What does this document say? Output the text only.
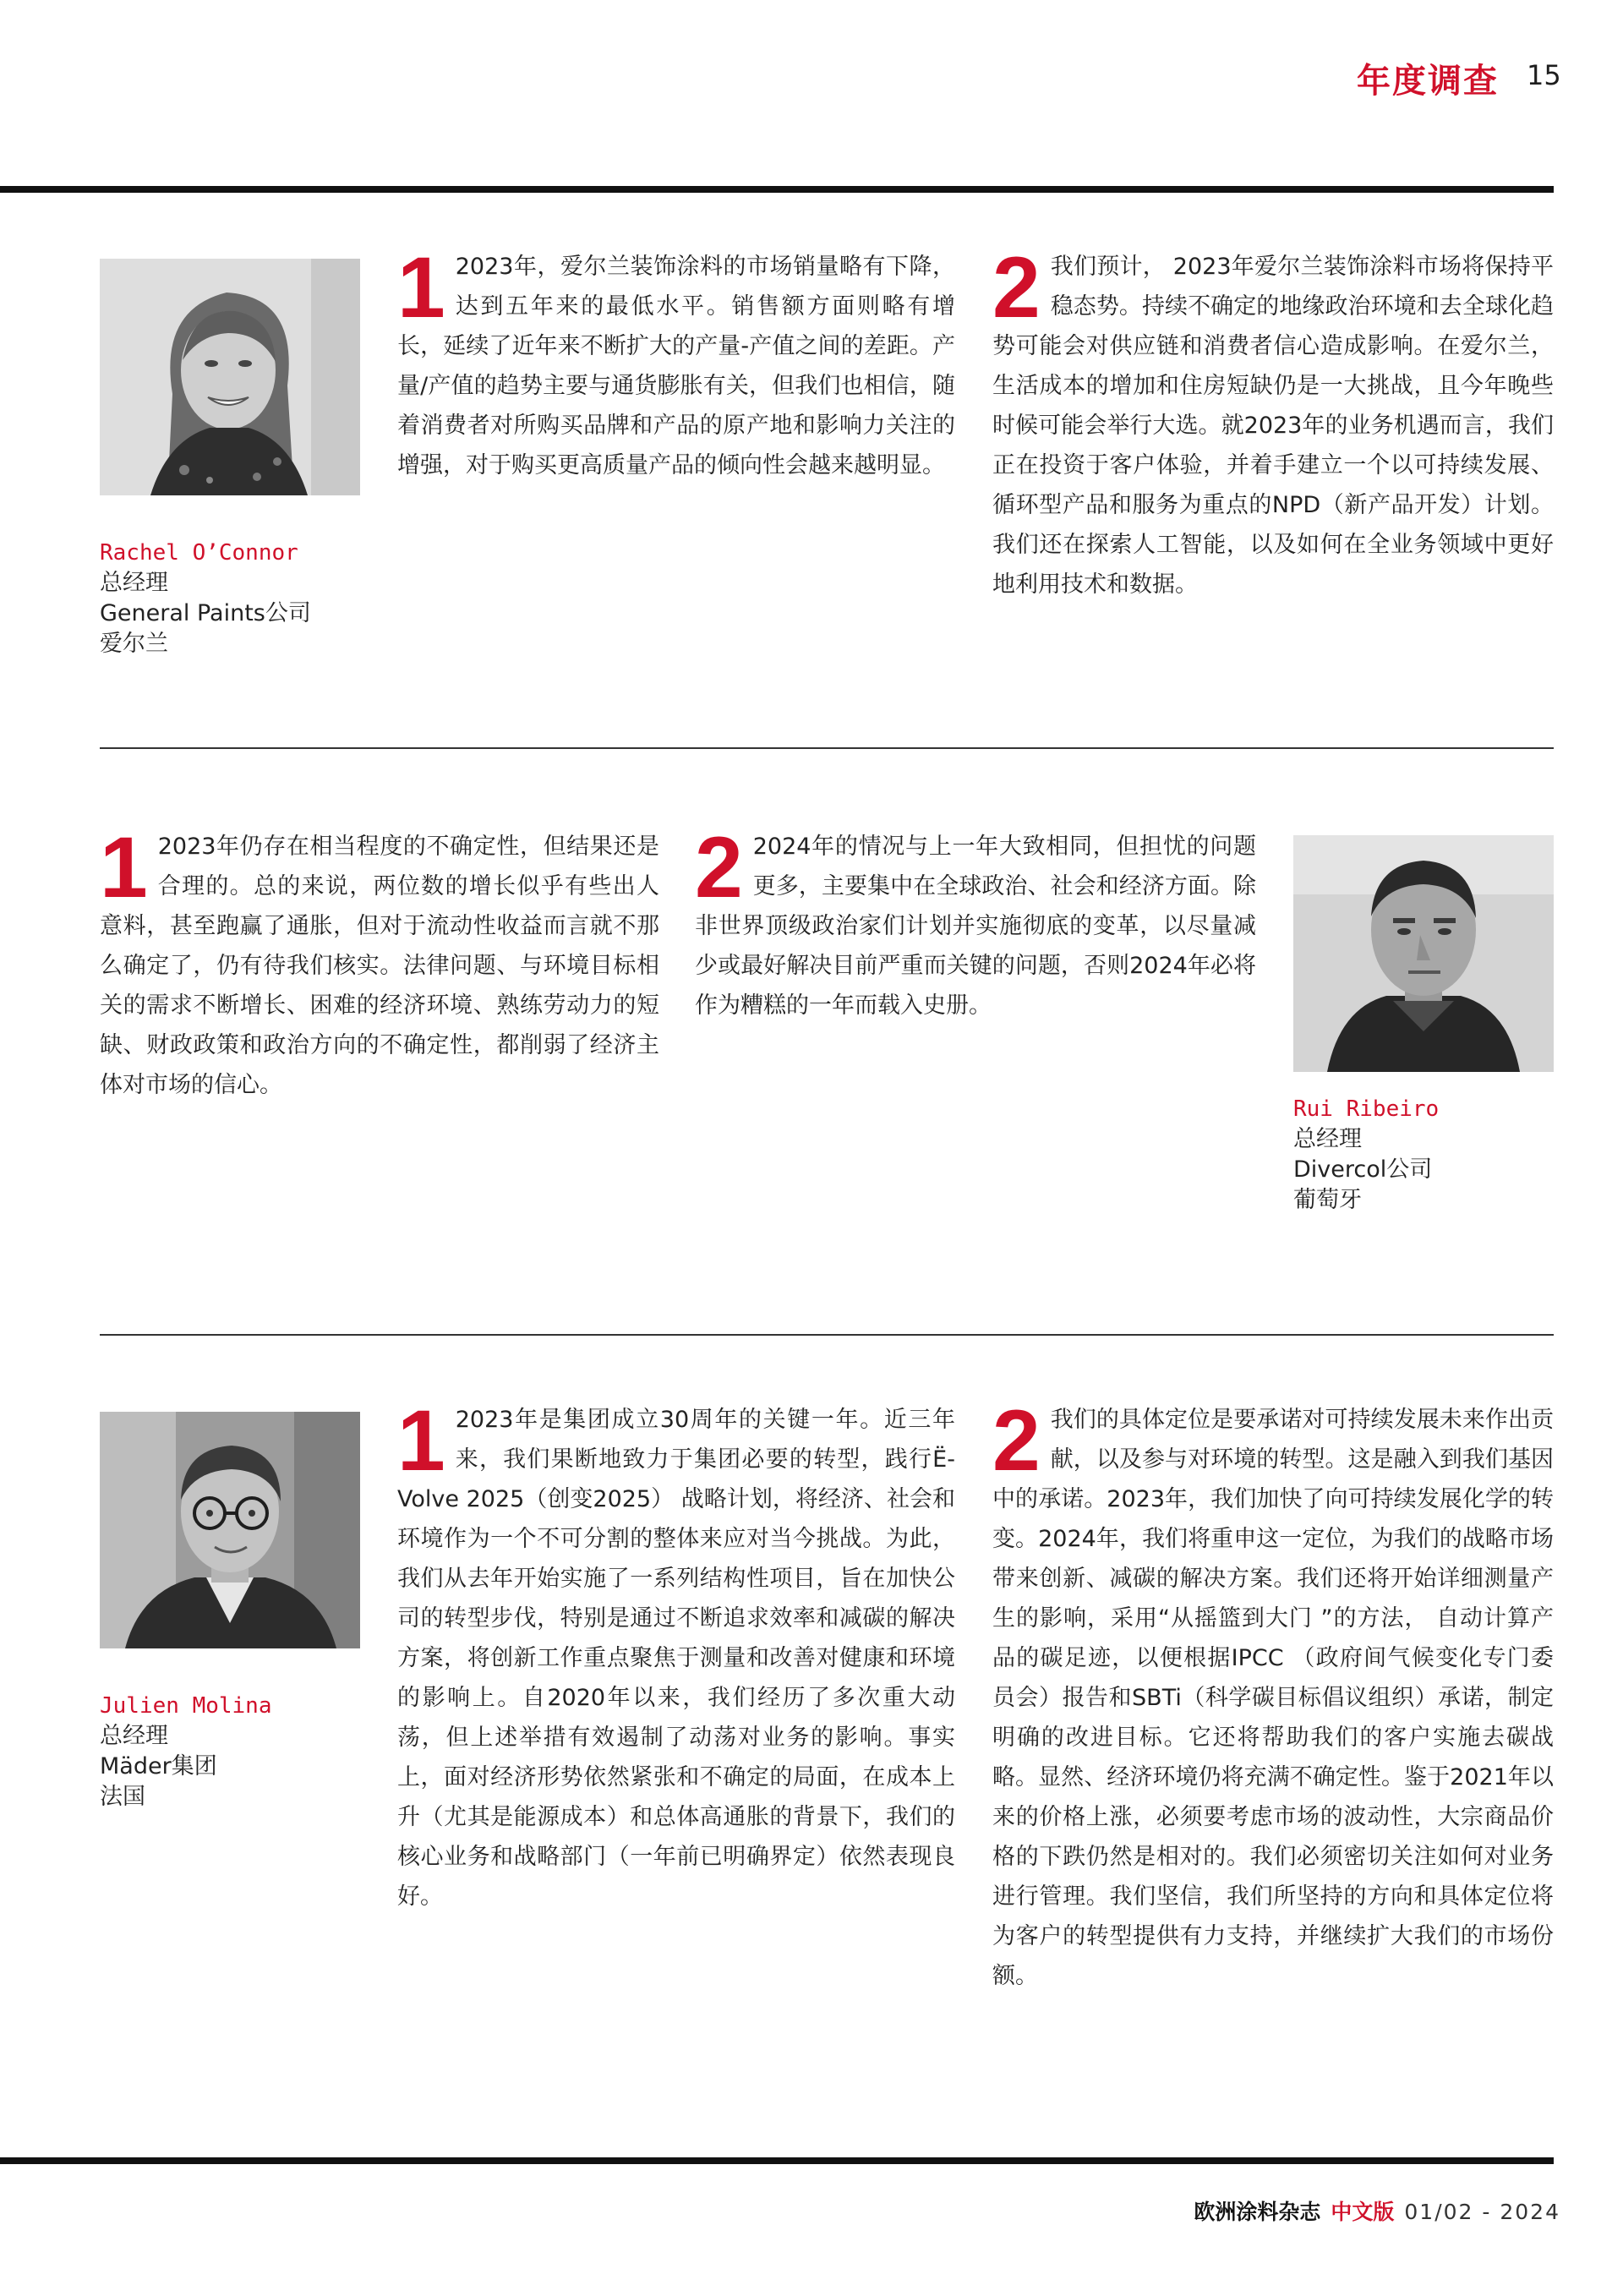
年度调查 15
Rachel O’Connor
总经理
General Paints公司
爱尔兰
1 2023年，爱尔兰装饰涂料的市场销量略有下降，达到五年来的最低水平。销售额方面则略有增长，延续了近年来不断扩大的产量-产值之间的差距。产量/产值的趋势主要与通货膨胀有关，但我们也相信，随着消费者对所购买品牌和产品的原产地和影响力关注的增强，对于购买更高质量产品的倾向性会越来越明显。
2 我们预计， 2023年爱尔兰装饰涂料市场将保持平稳态势。持续不确定的地缘政治环境和去全球化趋势可能会对供应链和消费者信心造成影响。在爱尔兰，生活成本的增加和住房短缺仍是一大挑战，且今年晚些时候可能会举行大选。就2023年的业务机遇而言，我们正在投资于客户体验，并着手建立一个以可持续发展、循环型产品和服务为重点的NPD（新产品开发）计划。我们还在探索人工智能，以及如何在全业务领域中更好地利用技术和数据。
1 2023年仍存在相当程度的不确定性，但结果还是合理的。总的来说，两位数的增长似乎有些出人意料，甚至跑赢了通胀，但对于流动性收益而言就不那么确定了，仍有待我们核实。法律问题、与环境目标相关的需求不断增长、困难的经济环境、熟练劳动力的短缺、财政政策和政治方向的不确定性，都削弱了经济主体对市场的信心。
2 2024年的情况与上一年大致相同，但担忧的问题更多，主要集中在全球政治、社会和经济方面。除非世界顶级政治家们计划并实施彻底的变革，以尽量减少或最好解决目前严重而关键的问题，否则2024年必将作为糟糕的一年而载入史册。
Rui Ribeiro
总经理
Divercol公司
葡萄牙
Julien Molina
总经理
Mäder集团
法国
1 2023年是集团成立30周年的关键一年。近三年来，我们果断地致力于集团必要的转型，践行Ë-Volve 2025（创变2025） 战略计划，将经济、社会和环境作为一个不可分割的整体来应对当今挑战。为此，我们从去年开始实施了一系列结构性项目，旨在加快公司的转型步伐，特别是通过不断追求效率和减碳的解决方案，将创新工作重点聚焦于测量和改善对健康和环境的影响上。自2020年以来，我们经历了多次重大动荡，但上述举措有效遏制了动荡对业务的影响。事实上，面对经济形势依然紧张和不确定的局面，在成本上升（尤其是能源成本）和总体高通胀的背景下，我们的核心业务和战略部门（一年前已明确界定）依然表现良好。
2 我们的具体定位是要承诺对可持续发展未来作出贡献，以及参与对环境的转型。这是融入到我们基因中的承诺。2023年，我们加快了向可持续发展化学的转变。2024年，我们将重申这一定位，为我们的战略市场带来创新、减碳的解决方案。我们还将开始详细测量产生的影响，采用“从摇篮到大门 ”的方法， 自动计算产品的碳足迹，以便根据IPCC （政府间气候变化专门委员会）报告和SBTi（科学碳目标倡议组织）承诺，制定明确的改进目标。它还将帮助我们的客户实施去碳战略。显然、经济环境仍将充满不确定性。鉴于2021年以来的价格上涨，必须要考虑市场的波动性，大宗商品价格的下跌仍然是相对的。我们必须密切关注如何对业务进行管理。我们坚信，我们所坚持的方向和具体定位将为客户的转型提供有力支持，并继续扩大我们的市场份额。
欧洲涂料杂志 中文版 01/02 - 2024
